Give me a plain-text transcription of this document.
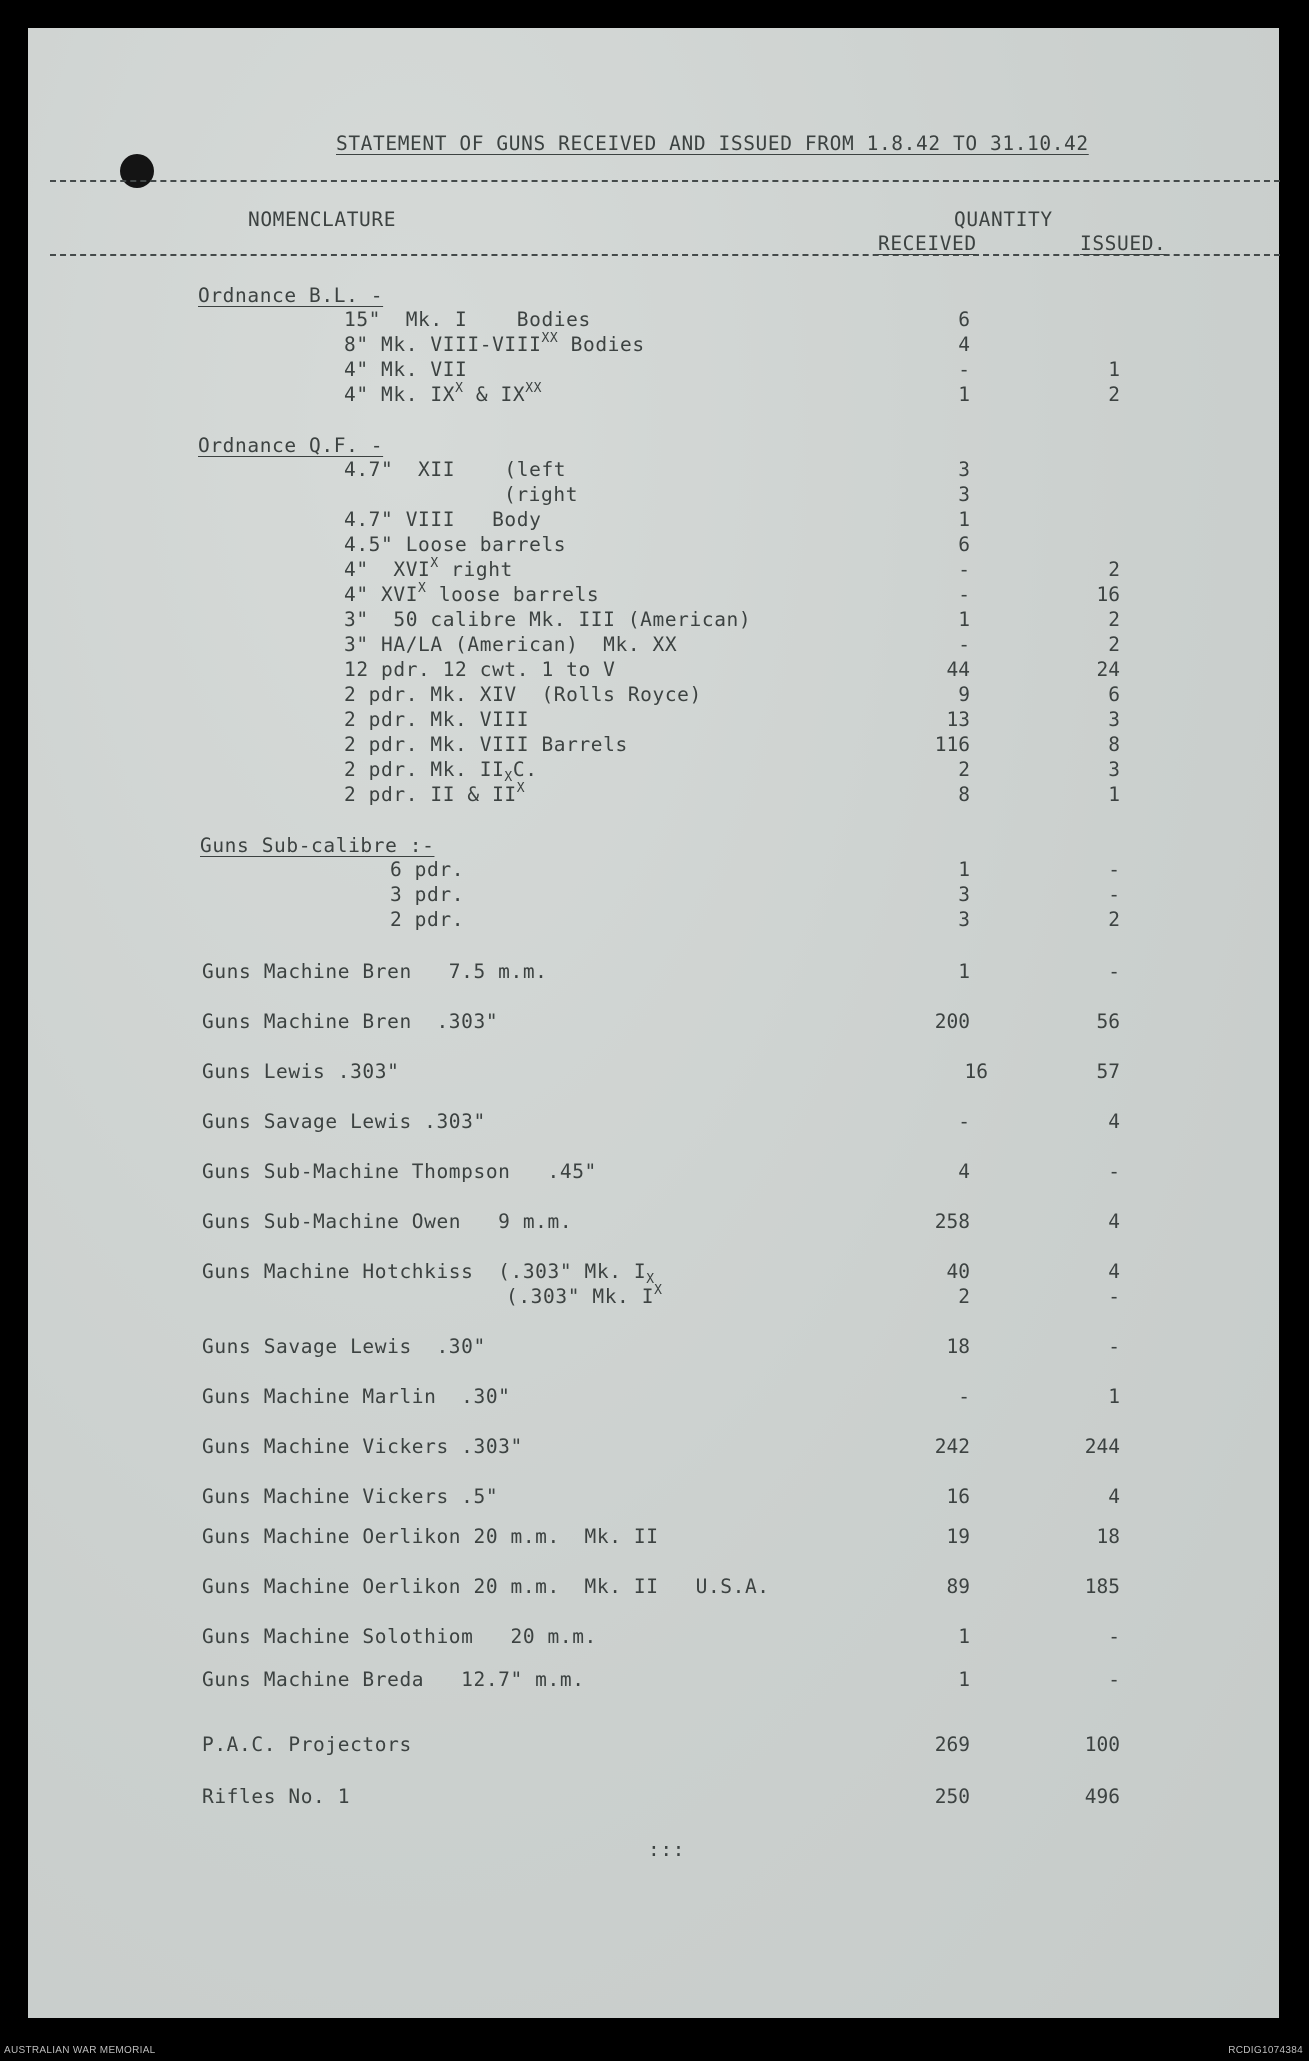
STATEMENT OF GUNS RECEIVED AND ISSUED FROM 1.8.42 TO 31.10.42
NOMENCLATURE	QUANTITY
RECEIVED	ISSUED.
Ordnance B.L. -
Ordnance Q.F. -
Guns Sub-calibre :-
15"  Mk. I    Bodies	6
8" Mk. VIII-$VIII^{XX}$ Bodies	4
4" Mk. VII	-	1
4" Mk. $IX^X$ & $IX^{XX}$	1	2
4.7"  XII    (left	3
(right	3
4.7" VIII   Body	1
4.5" Loose barrels	6
4"  $XVI^X$ right	-	2
4" $XVI^X$ loose barrels	-	16
3"  50 calibre Mk. III (American)	1	2
3" HA/LA (American)  Mk. XX	-	2
12 pdr. 12 cwt. 1 to V	44	24
2 pdr. Mk. XIV  (Rolls Royce)	9	6
2 pdr. Mk. VIII	13	3
2 pdr. Mk. VIII Barrels	116	8
2 pdr. Mk. $II_XC$.	2	3
2 pdr. II & $II^X$	8	1
6 pdr.	1	-
3 pdr.	3	-
2 pdr.	3	2
Guns Machine Bren   7.5 m.m.	1	-
Guns Machine Bren  .303"	200	56
Guns Lewis .303"	16	57
Guns Savage Lewis .303"	-	4
Guns Sub-Machine Thompson   .45"	4	-
Guns Sub-Machine Owen   9 m.m.	258	4
Guns Machine Hotchkiss  (.303" Mk. $I_X$	40	4
(.303" Mk. $I^X$	2	-
Guns Savage Lewis  .30"	18	-
Guns Machine Marlin  .30"	-	1
Guns Machine Vickers .303"	242	244
Guns Machine Vickers .5"	16	4
Guns Machine Oerlikon 20 m.m.  Mk. II	19	18
Guns Machine Oerlikon 20 m.m.  Mk. II   U.S.A.	89	185
Guns Machine Solothiom   20 m.m.	1	-
Guns Machine Breda   12.7" m.m.	1	-
P.A.C. Projectors	269	100
Rifles No. 1	250	496
:::
AUSTRALIAN WAR MEMORIAL	RCDIG1074384
